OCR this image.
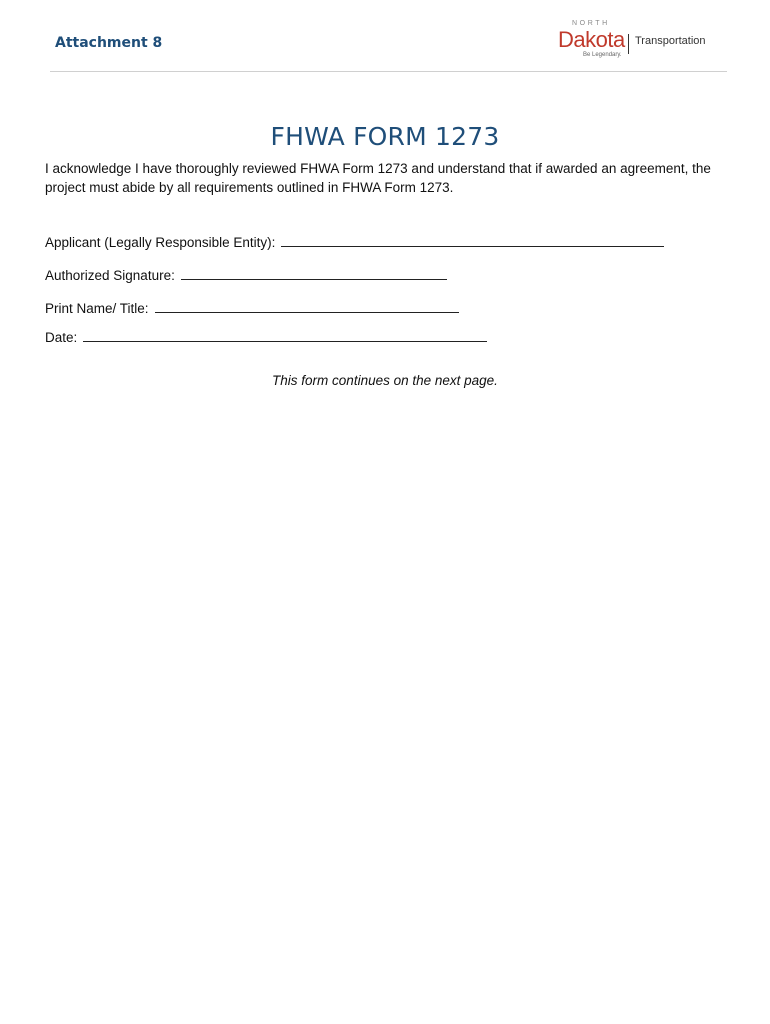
Attachment 8
NORTH
Dakota Transportation
Be Legendary.
FHWA FORM 1273
I acknowledge I have thoroughly reviewed FHWA Form 1273 and understand that if awarded an agreement, the project must abide by all requirements outlined in FHWA Form 1273.
Applicant (Legally Responsible Entity):
Authorized Signature:
Print Name/ Title:
Date:
This form continues on the next page.
